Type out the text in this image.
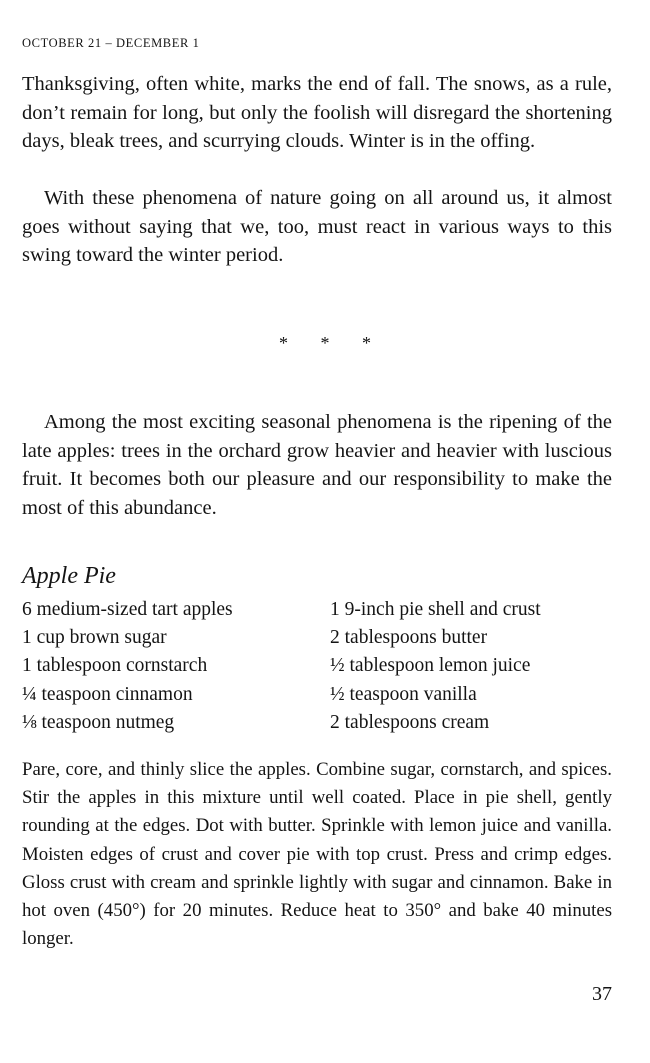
OCTOBER 21 – DECEMBER 1
Thanksgiving, often white, marks the end of fall. The snows, as a rule, don’t remain for long, but only the foolish will disregard the shortening days, bleak trees, and scurrying clouds. Winter is in the offing.
With these phenomena of nature going on all around us, it almost goes without saying that we, too, must react in various ways to this swing toward the winter period.
* * *
Among the most exciting seasonal phenomena is the ripening of the late apples: trees in the orchard grow heavier and heavier with luscious fruit. It becomes both our pleasure and our responsibility to make the most of this abundance.
Apple Pie
6 medium-sized tart apples
1 cup brown sugar
1 tablespoon cornstarch
¼ teaspoon cinnamon
⅛ teaspoon nutmeg
1 9-inch pie shell and crust
2 tablespoons butter
½ tablespoon lemon juice
½ teaspoon vanilla
2 tablespoons cream
Pare, core, and thinly slice the apples. Combine sugar, cornstarch, and spices. Stir the apples in this mixture until well coated. Place in pie shell, gently rounding at the edges. Dot with butter. Sprinkle with lemon juice and vanilla. Moisten edges of crust and cover pie with top crust. Press and crimp edges. Gloss crust with cream and sprinkle lightly with sugar and cinnamon. Bake in hot oven (450°) for 20 minutes. Reduce heat to 350° and bake 40 minutes longer.
37
